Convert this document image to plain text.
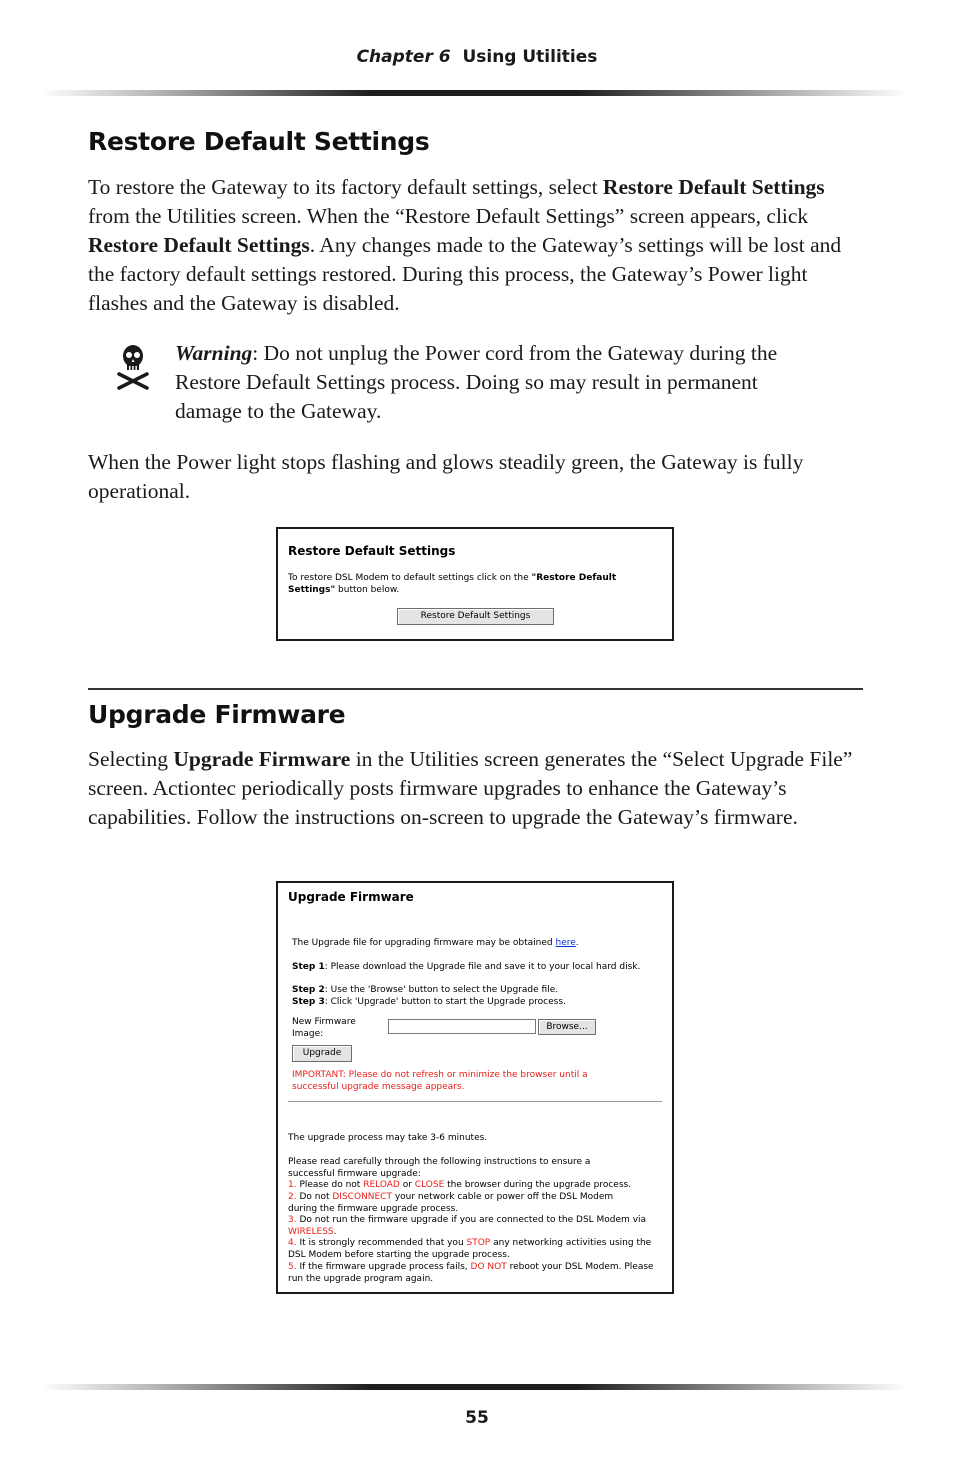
Chapter 6 Using Utilities
Restore Default Settings

To restore the Gateway to its factory default settings, select Restore Default Settings from the Utilities screen. When the “Restore Default Settings” screen appears, click Restore Default Settings. Any changes made to the Gateway’s settings will be lost and the factory default settings restored. During this process, the Gateway’s Power light flashes and the Gateway is disabled.

Warning: Do not unplug the Power cord from the Gateway during the Restore Default Settings process. Doing so may result in permanent damage to the Gateway.

When the Power light stops flashing and glows steadily green, the Gateway is fully operational.

Restore Default Settings
To restore DSL Modem to default settings click on the "Restore Default Settings" button below.
Restore Default Settings
Upgrade Firmware

Selecting Upgrade Firmware in the Utilities screen generates the “Select Upgrade File” screen. Actiontec periodically posts firmware upgrades to enhance the Gateway’s capabilities. Follow the instructions on-screen to upgrade the Gateway’s firmware.

Upgrade Firmware
The Upgrade file for upgrading firmware may be obtained here.
Step 1: Please download the Upgrade file and save it to your local hard disk.
Step 2: Use the 'Browse' button to select the Upgrade file.
Step 3: Click 'Upgrade' button to start the Upgrade process.
New Firmware Image:
Browse...
Upgrade
IMPORTANT: Please do not refresh or minimize the browser until a successful upgrade message appears.
The upgrade process may take 3-6 minutes.
Please read carefully through the following instructions to ensure a successful firmware upgrade:
1. Please do not RELOAD or CLOSE the browser during the upgrade process.
2. Do not DISCONNECT your network cable or power off the DSL Modem during the firmware upgrade process.
3. Do not run the firmware upgrade if you are connected to the DSL Modem via WIRELESS.
4. It is strongly recommended that you STOP any networking activities using the DSL Modem before starting the upgrade process.
5. If the firmware upgrade process fails, DO NOT reboot your DSL Modem. Please run the upgrade program again.
55
